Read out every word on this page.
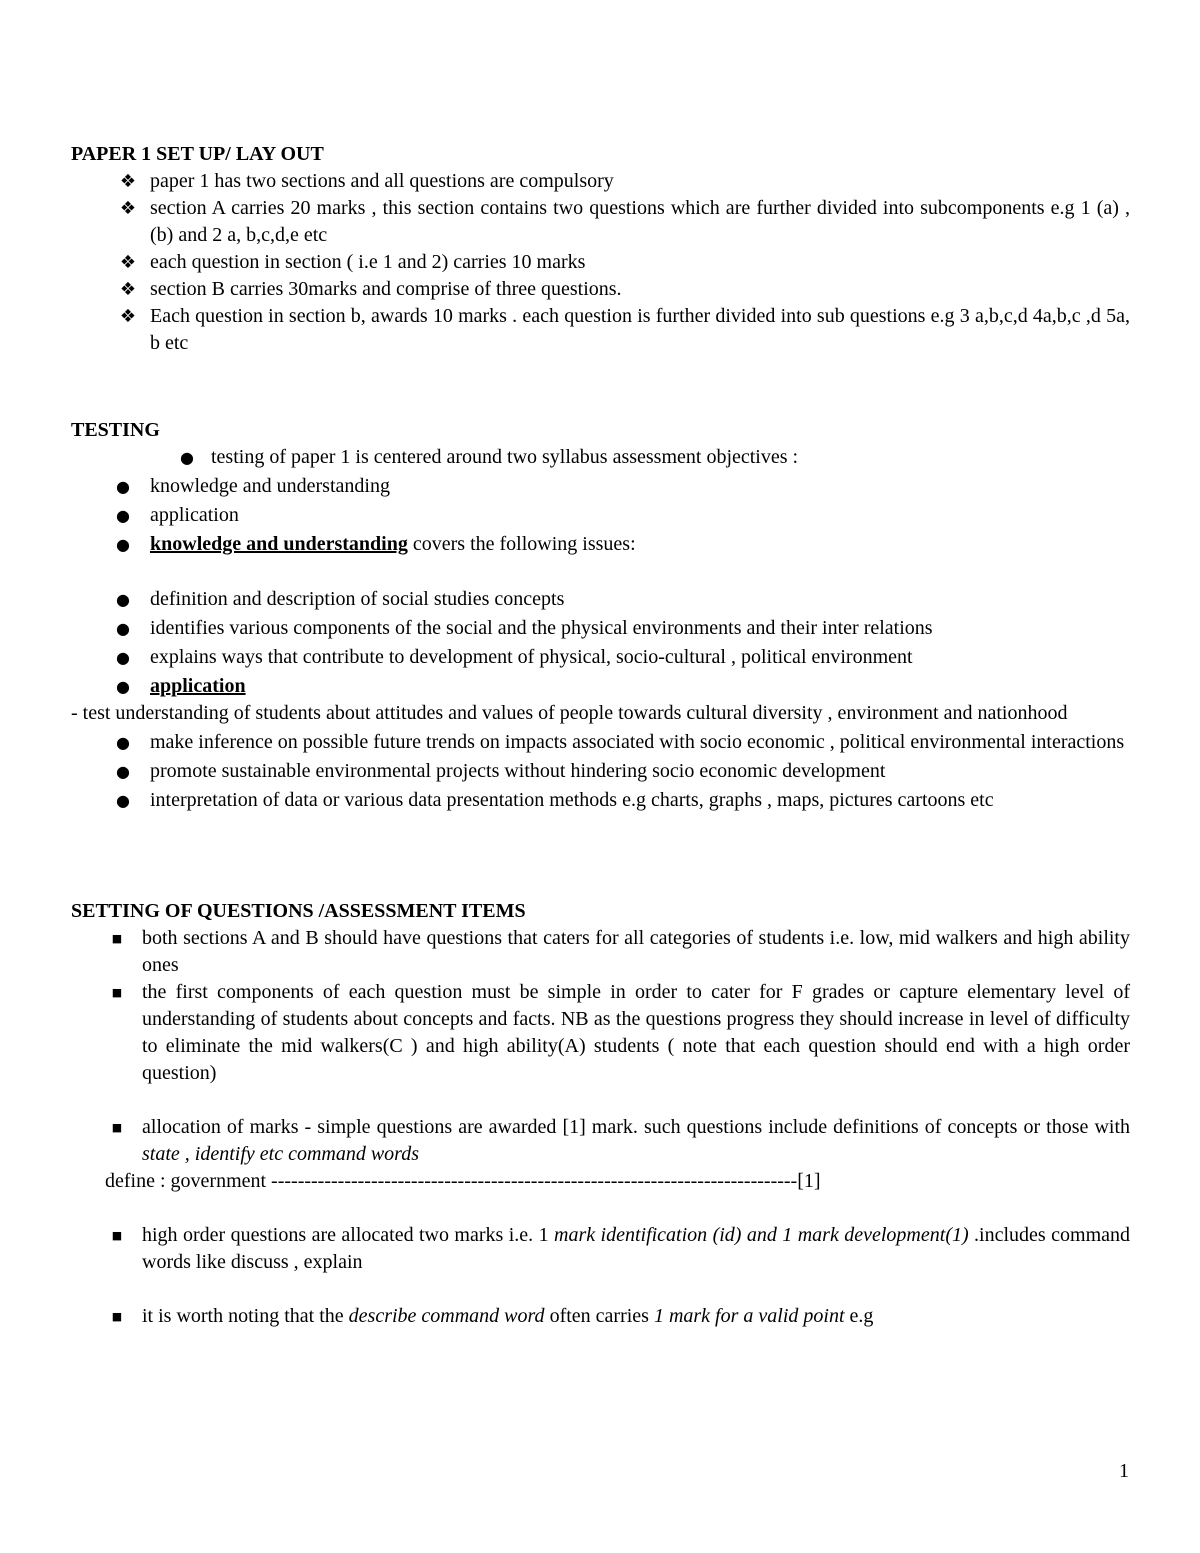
PAPER 1 SET UP/ LAY OUT
❖ paper 1 has two sections and all questions are compulsory
❖ section A carries 20 marks , this section contains two questions which are further divided into subcomponents e.g 1 (a) , (b) and 2 a, b,c,d,e etc
❖ each question in section ( i.e 1 and 2) carries 10 marks
❖ section B carries 30marks and comprise of three questions.
❖ Each question in section b, awards 10 marks . each question is further divided into sub questions e.g 3 a,b,c,d 4a,b,c ,d 5a, b etc
TESTING
● testing of paper 1 is centered around two syllabus assessment objectives :
● knowledge and understanding
● application
● knowledge and understanding covers the following issues:
● definition and description of social studies concepts
● identifies various components of the social and the physical environments and their inter relations
● explains ways that contribute to development of physical, socio-cultural , political environment
● application

- test understanding of students about attitudes and values of people towards cultural diversity , environment and nationhood

● make inference on possible future trends on impacts associated with socio economic , political environmental interactions
● promote sustainable environmental projects without hindering socio economic development
● interpretation of data or various data presentation methods e.g charts, graphs , maps, pictures cartoons etc
SETTING OF QUESTIONS /ASSESSMENT ITEMS
■ both sections A and B should have questions that caters for all categories of students i.e. low, mid walkers and high ability ones
■ the first components of each question must be simple in order to cater for F grades or capture elementary level of understanding of students about concepts and facts. NB as the questions progress they should increase in level of difficulty to eliminate the mid walkers(C ) and high ability(A) students ( note that each question should end with a high order question)
■ allocation of marks - simple questions are awarded [1] mark. such questions include definitions of concepts or those with state , identify etc command words

define : government -------------------------------------------------------------------------------[1]

■ high order questions are allocated two marks i.e. 1 mark identification (id) and 1 mark development(1) .includes command words like discuss , explain
■ it is worth noting that the describe command word often carries 1 mark for a valid point e.g
1
